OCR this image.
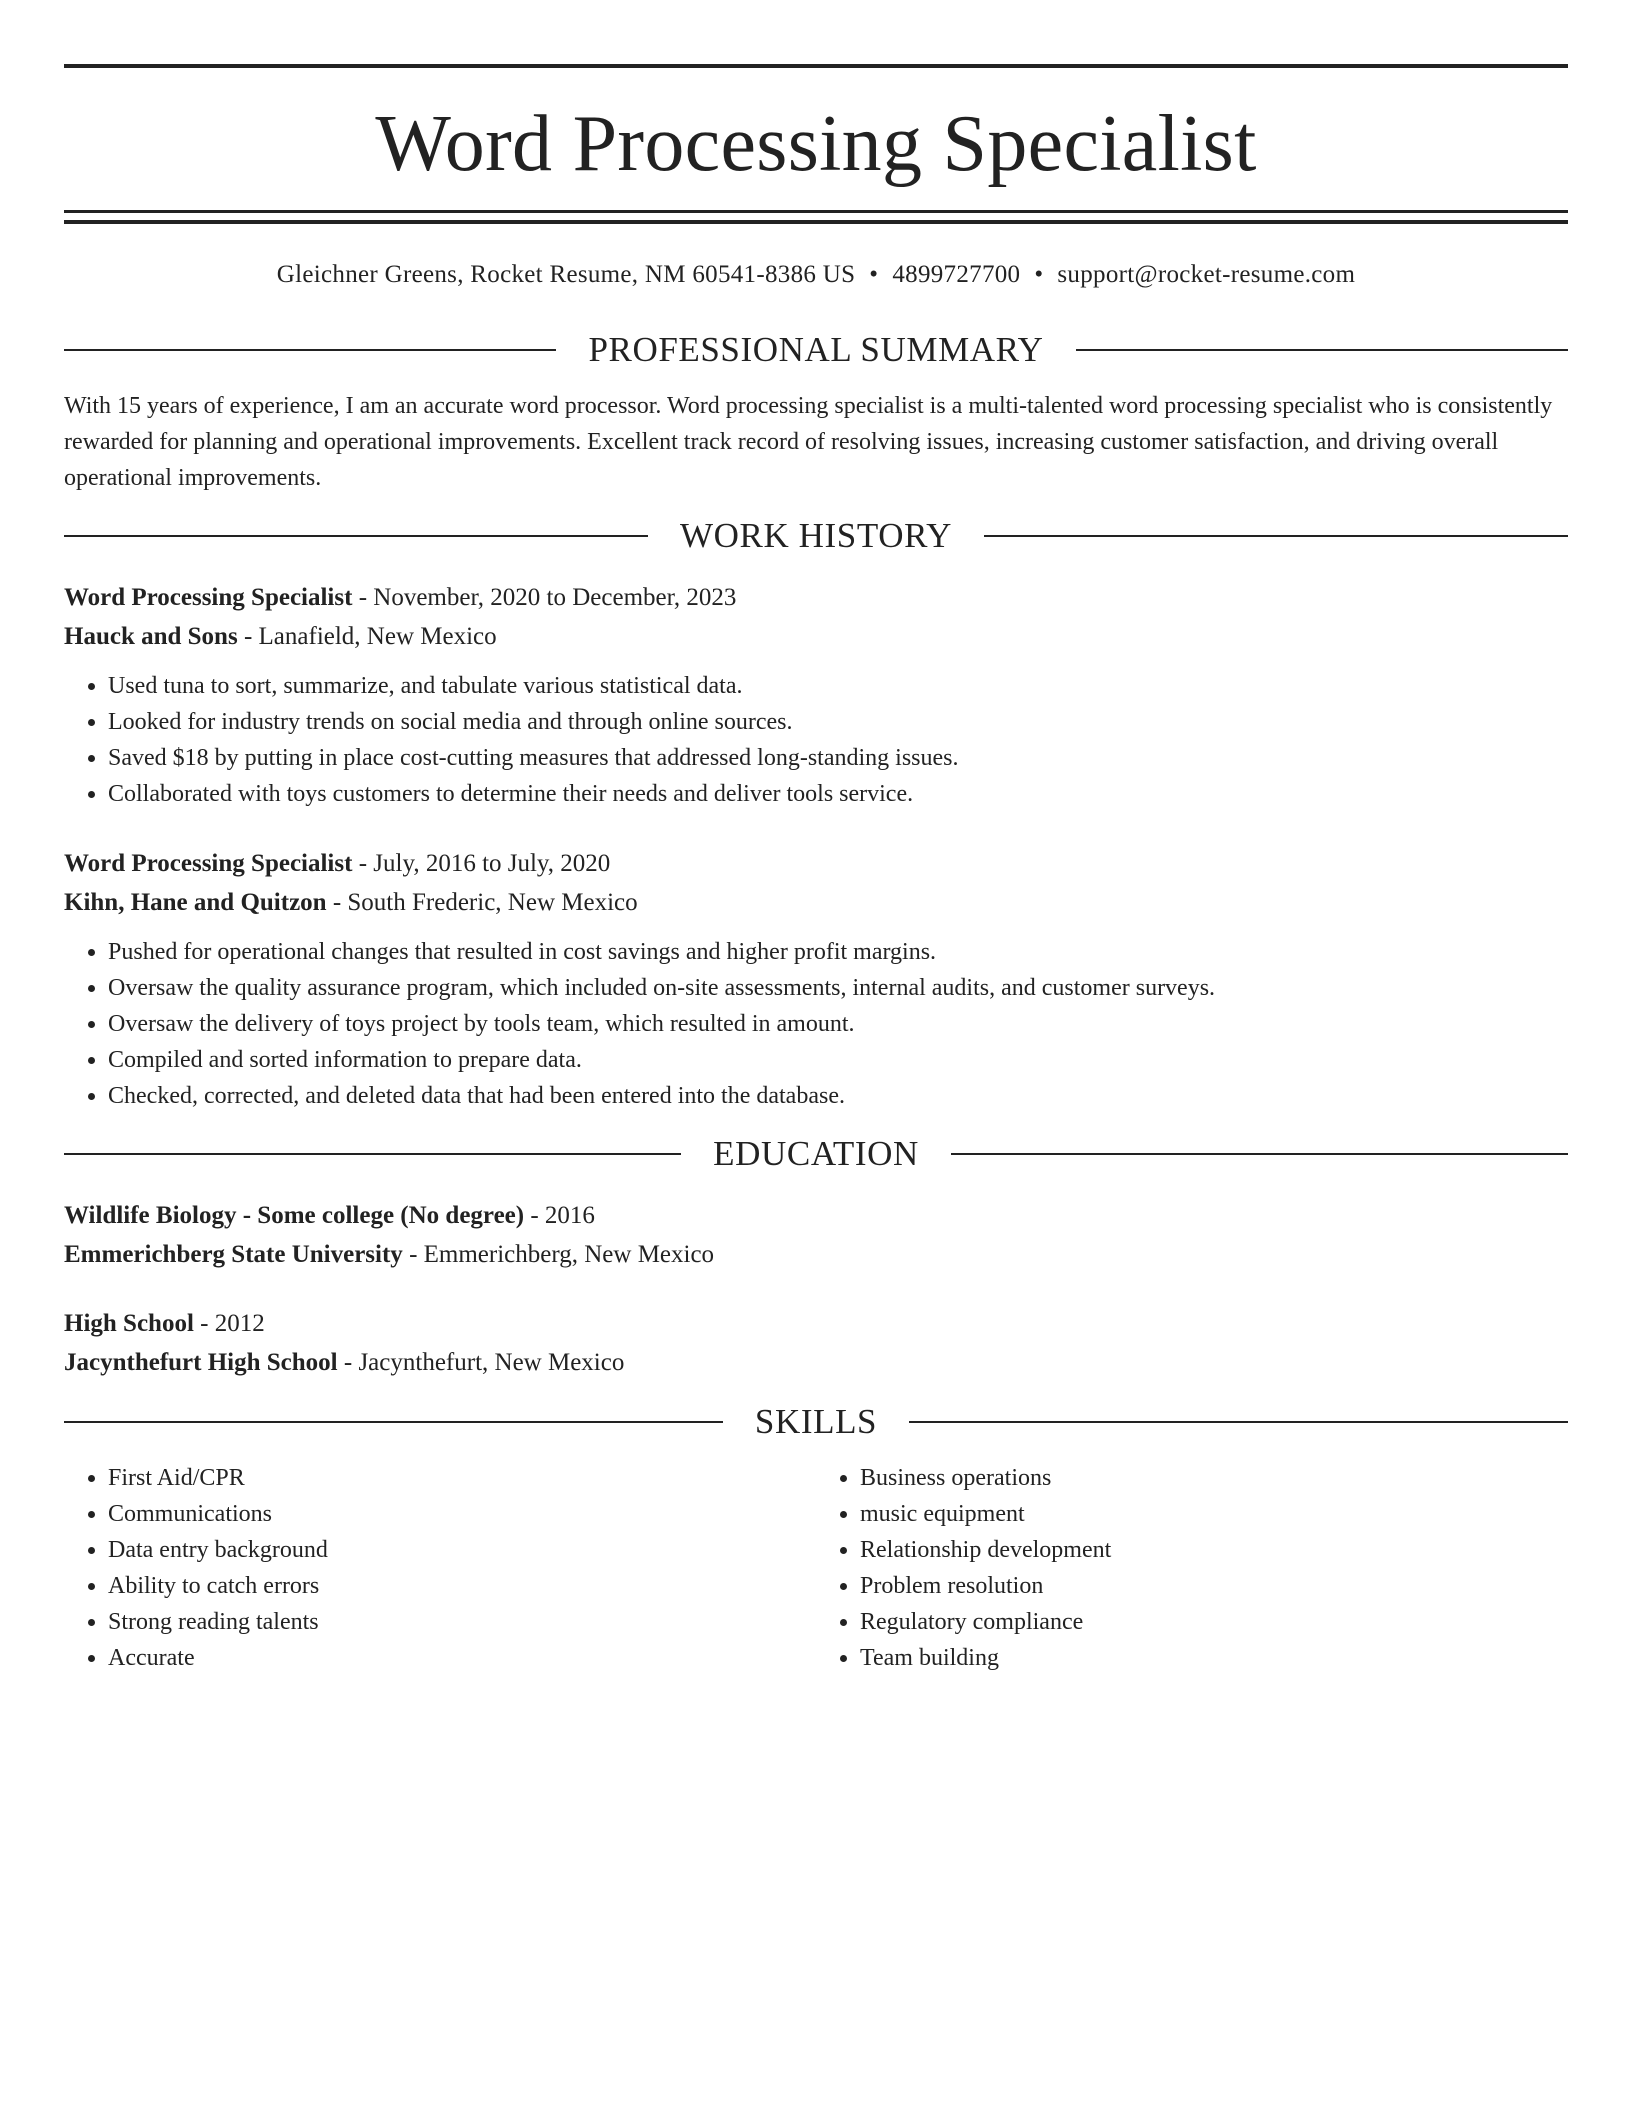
Word Processing Specialist
Gleichner Greens, Rocket Resume, NM 60541-8386 US • 4899727700 • support@rocket-resume.com
PROFESSIONAL SUMMARY
With 15 years of experience, I am an accurate word processor. Word processing specialist is a multi-talented word processing specialist who is consistently rewarded for planning and operational improvements. Excellent track record of resolving issues, increasing customer satisfaction, and driving overall operational improvements.
WORK HISTORY
Word Processing Specialist - November, 2020 to December, 2023
Hauck and Sons - Lanafield, New Mexico
• Used tuna to sort, summarize, and tabulate various statistical data.
• Looked for industry trends on social media and through online sources.
• Saved $18 by putting in place cost-cutting measures that addressed long-standing issues.
• Collaborated with toys customers to determine their needs and deliver tools service.
Word Processing Specialist - July, 2016 to July, 2020
Kihn, Hane and Quitzon - South Frederic, New Mexico
• Pushed for operational changes that resulted in cost savings and higher profit margins.
• Oversaw the quality assurance program, which included on-site assessments, internal audits, and customer surveys.
• Oversaw the delivery of toys project by tools team, which resulted in amount.
• Compiled and sorted information to prepare data.
• Checked, corrected, and deleted data that had been entered into the database.
EDUCATION
Wildlife Biology - Some college (No degree) - 2016
Emmerichberg State University - Emmerichberg, New Mexico
High School - 2012
Jacynthefurt High School - Jacynthefurt, New Mexico
SKILLS
• First Aid/CPR
• Communications
• Data entry background
• Ability to catch errors
• Strong reading talents
• Accurate
• Business operations
• music equipment
• Relationship development
• Problem resolution
• Regulatory compliance
• Team building
